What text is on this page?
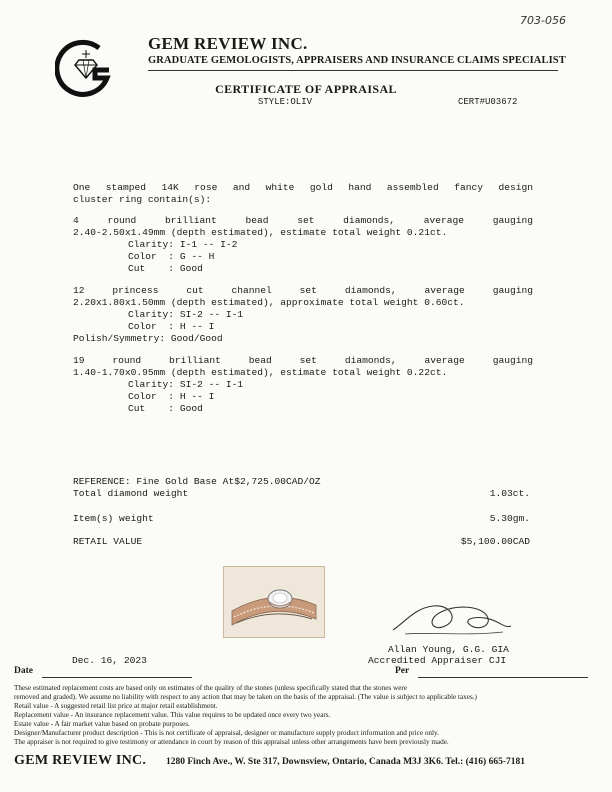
703-056
GEM REVIEW INC.
GRADUATE GEMOLOGISTS, APPRAISERS AND INSURANCE CLAIMS SPECIALIST
CERTIFICATE OF APPRAISAL
STYLE:OLIV	CERT#U03672
One stamped 14K rose and white gold hand assembled fancy design
cluster ring contain(s):
4 round brilliant bead set diamonds, average gauging
2.40-2.50x1.49mm (depth estimated), estimate total weight 0.21ct.
Clarity: I-1 -- I-2
Color  : G -- H
Cut    : Good
12 princess cut channel set diamonds, average gauging
2.20x1.80x1.50mm (depth estimated), approximate total weight 0.60ct.
Clarity: SI-2 -- I-1
Color  : H -- I
Polish/Symmetry: Good/Good
19 round brilliant bead set diamonds, average gauging
1.40-1.70x0.95mm (depth estimated), estimate total weight 0.22ct.
Clarity: SI-2 -- I-1
Color  : H -- I
Cut    : Good
REFERENCE: Fine Gold Base At$2,725.00CAD/OZ
Total diamond weight	1.03ct.
Item(s) weight	5.30gm.
RETAIL VALUE	$5,100.00CAD
Allan Young, G.G. GIA
Accredited Appraiser CJI
Dec. 16, 2023
Date	Per
These estimated replacement costs are based only on estimates of the quality of the stones (unless specifically stated that the stones were
removed and graded). We assume no liability with respect to any action that may be taken on the basis of the appraisal. (The value is subject to applicable taxes.)
Retail value - A suggested retail list price at major retail establishment.
Replacement value - An insurance replacement value. This value requires to be updated once every two years.
Estate value - A fair market value based on probate purposes.
Designer/Manufacturer product description - This is not certificate of appraisal, designer or manufacture supply product information and price only.
The appraiser is not required to give testimony or attendance in court by reason of this appraisal unless other arrangements have been previously made.
GEM REVIEW INC. 1280 Finch Ave., W. Ste 317, Downsview, Ontario, Canada M3J 3K6. Tel.: (416) 665-7181
